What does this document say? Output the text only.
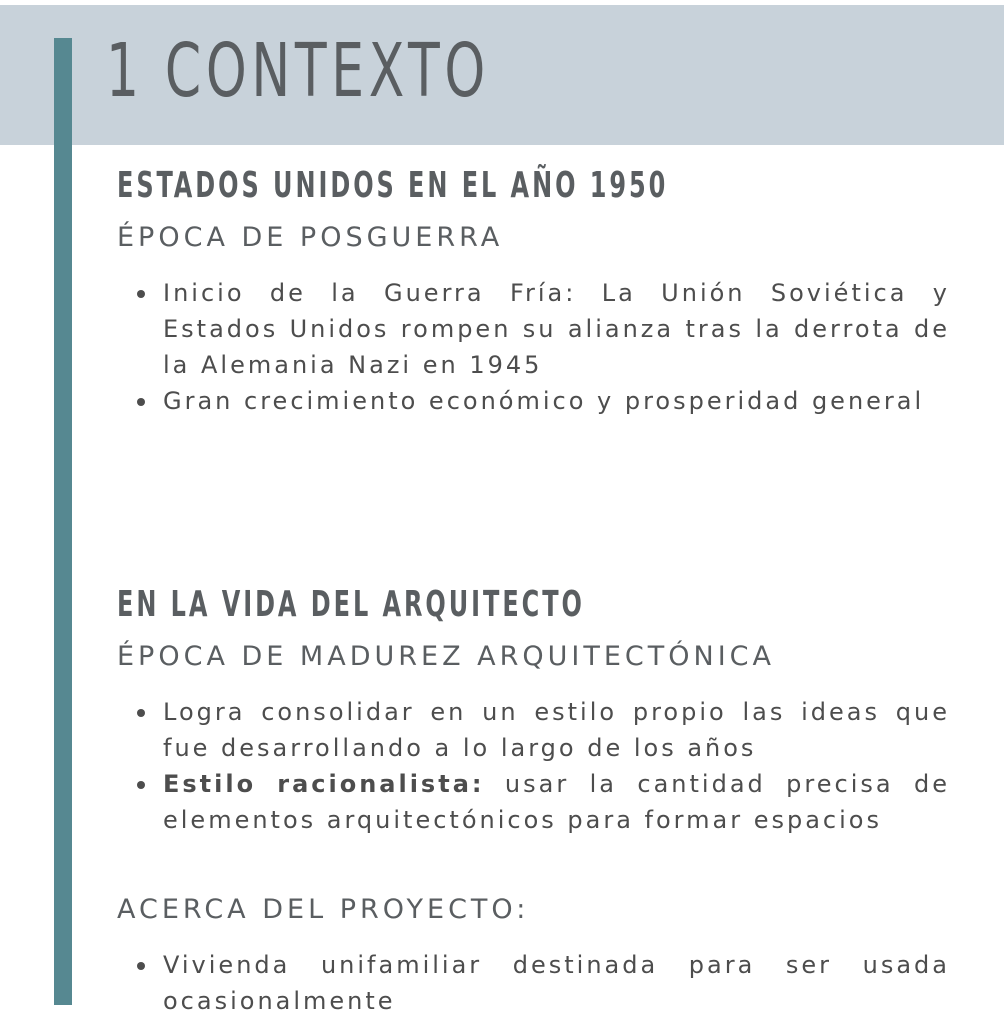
1 CONTEXTO
ESTADOS UNIDOS EN EL AÑO 1950
ÉPOCA DE POSGUERRA
Inicio de la Guerra Fría: La Unión Soviética y Estados Unidos rompen su alianza tras la derrota de la Alemania Nazi en 1945
Gran crecimiento económico y prosperidad general
EN LA VIDA DEL ARQUITECTO
ÉPOCA DE MADUREZ ARQUITECTÓNICA
Logra consolidar en un estilo propio las ideas que fue desarrollando a lo largo de los años
Estilo racionalista: usar la cantidad precisa de elementos arquitectónicos para formar espacios
ACERCA DEL PROYECTO:
Vivienda unifamiliar destinada para ser usada ocasionalmente
